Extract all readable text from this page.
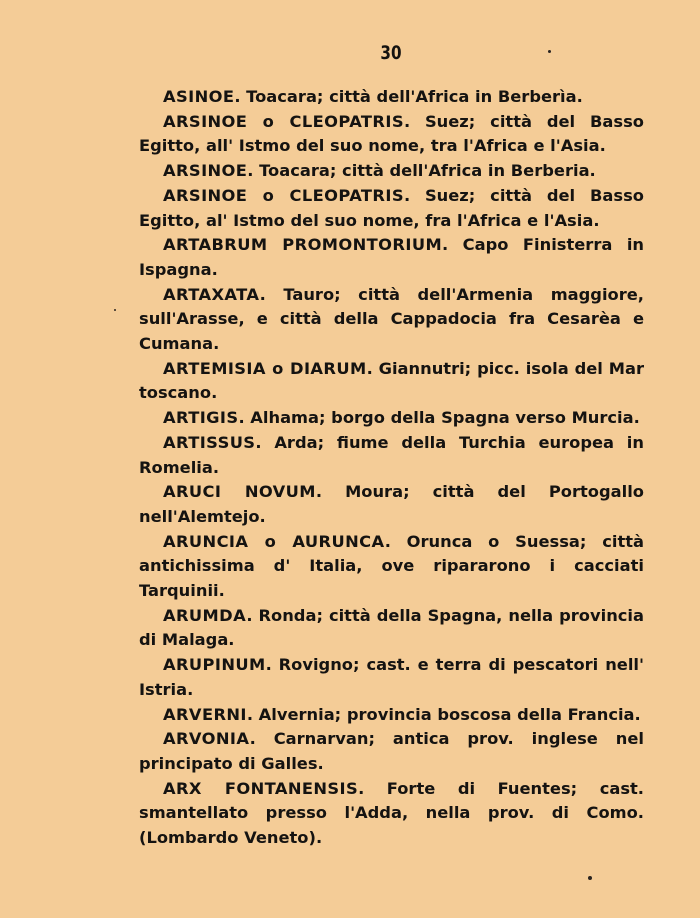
30

ASINOE. Toacara; città dell'Africa in Berberìa.

ARSINOE o CLEOPATRIS. Suez; città del Basso Egitto, all' Istmo del suo nome, tra l'Africa e l'Asia.

ARSINOE. Toacara; città dell'Africa in Berberia.

ARSINOE o CLEOPATRIS. Suez; città del Basso Egitto, al' Istmo del suo nome, fra l'Africa e l'Asia.

ARTABRUM PROMONTORIUM. Capo Finisterra in Ispagna.

ARTAXATA. Tauro; città dell'Armenia maggiore, sull'Arasse, e città della Cappadocia fra Cesarèa e Cumana.

ARTEMISIA o DIARUM. Giannutri; picc. isola del Mar toscano.

ARTIGIS. Alhama; borgo della Spagna verso Murcia.

ARTISSUS. Arda; fiume della Turchia europea in Romelia.

ARUCI NOVUM. Moura; città del Portogallo nell'Alemtejo.

ARUNCIA o AURUNCA. Orunca o Suessa; città antichissima d' Italia, ove ripararono i cacciati Tarquinii.

ARUMDA. Ronda; città della Spagna, nella provincia di Malaga.

ARUPINUM. Rovigno; cast. e terra di pescatori nell' Istria.

ARVERNI. Alvernia; provincia boscosa della Francia.

ARVONIA. Carnarvan; antica prov. inglese nel principato di Galles.

ARX FONTANENSIS. Forte di Fuentes; cast. smantellato presso l'Adda, nella prov. di Como. (Lombardo Veneto).
